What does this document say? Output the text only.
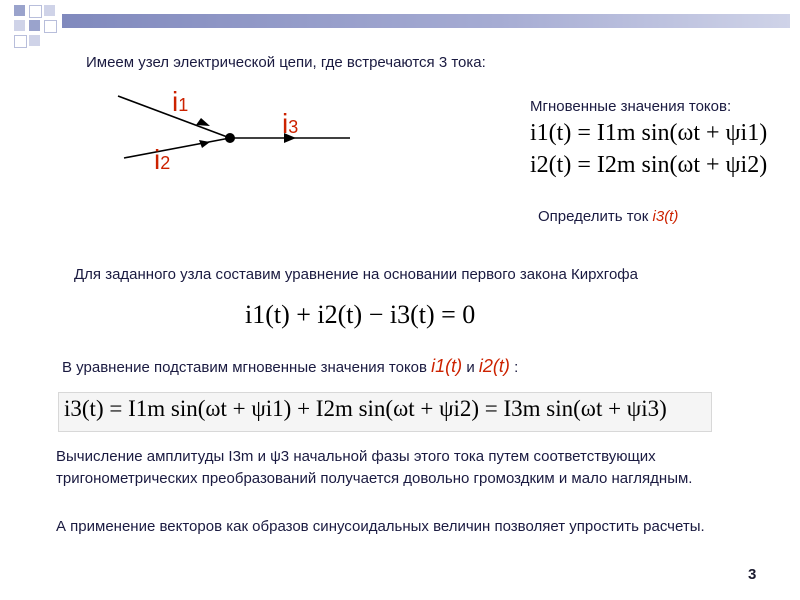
Имеем узел электрической цепи, где встречаются 3 тока:
i1
i2
i3
Мгновенные значения токов:
i1(t) = I1m sin(ωt + ψi1)
i2(t) = I2m sin(ωt + ψi2)
Определить ток i3(t)
Для заданного узла составим уравнение на основании первого закона Кирхгофа
i1(t) + i2(t) − i3(t) = 0
В уравнение подставим мгновенные значения токов i1(t) и i2(t) :
i3(t) = I1m sin(ωt + ψi1) + I2m sin(ωt + ψi2) = I3m sin(ωt + ψi3)
Вычисление амплитуды I3m и ψ3 начальной фазы этого тока путем соответствующих тригонометрических преобразований получается довольно громоздким и мало наглядным.
А применение векторов как образов синусоидальных величин позволяет упростить расчеты.
3
